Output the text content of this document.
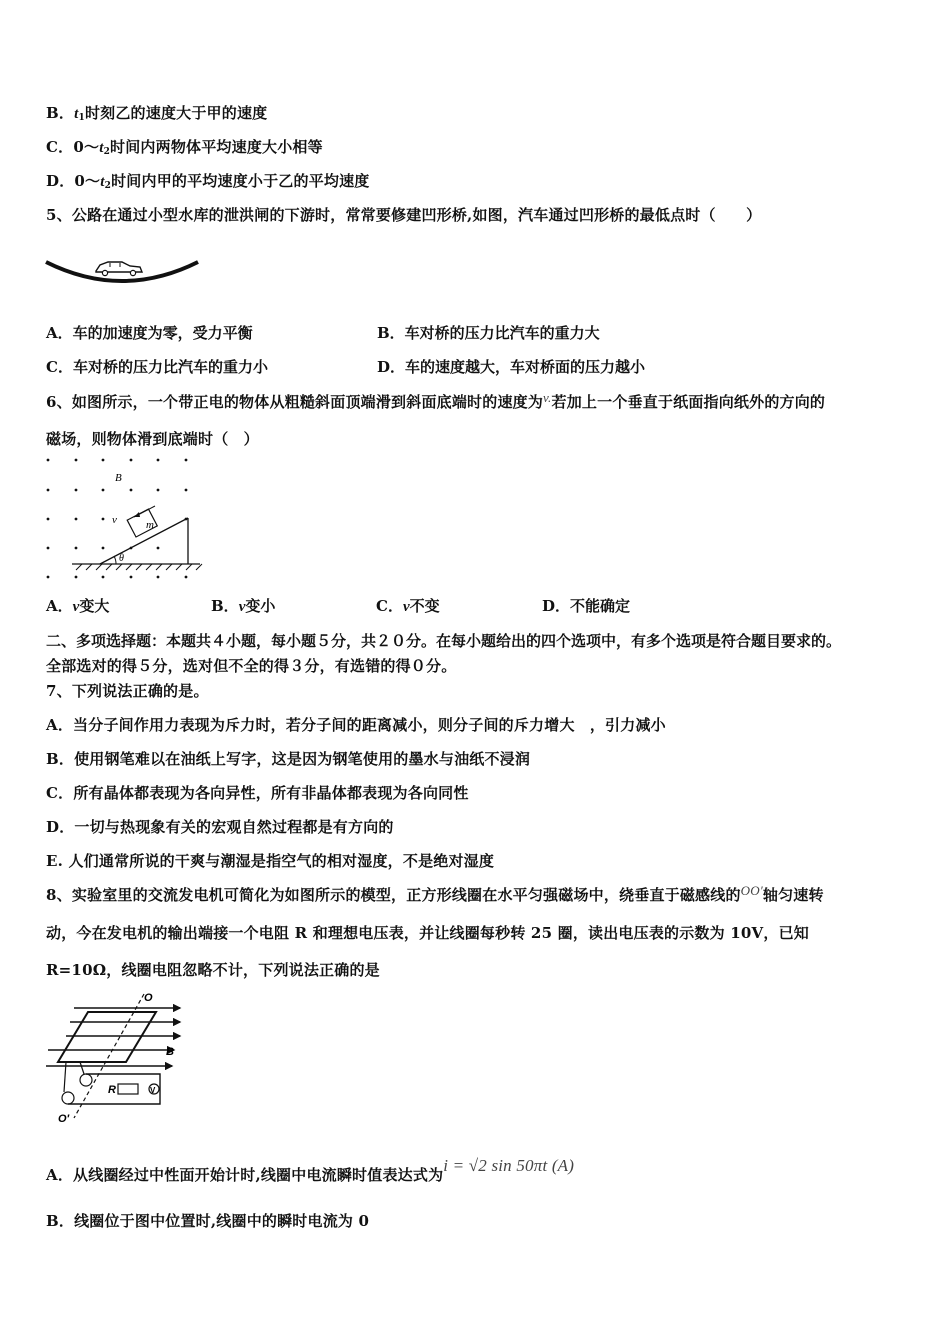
B．$t_1$时刻乙的速度大于甲的速度
C．$0\sim t_2$时间内两物体平均速度大小相等
D．$0\sim t_2$时间内甲的平均速度小于乙的平均速度
5、公路在通过小型水库的泄洪闸的下游时，常常要修建凹形桥,如图，汽车通过凹形桥的最低点时（　　）
A．车的加速度为零，受力平衡	B．车对桥的压力比汽车的重力大
C．车对桥的压力比汽车的重力小	D．车的速度越大，车对桥面的压力越小
6、如图所示，一个带正电的物体从粗糙斜面顶端滑到斜面底端时的速度为v.若加上一个垂直于纸面指向纸外的方向的
磁场，则物体滑到底端时（　）
B
θ
m
v
A．v变大	B．v变小	C．v不变	D．不能确定
二、多项选择题：本题共４小题，每小题５分，共２０分。在每小题给出的四个选项中，有多个选项是符合题目要求的。
全部选对的得５分，选对但不全的得３分，有选错的得０分。
7、下列说法正确的是。
A．当分子间作用力表现为斥力时，若分子间的距离减小，则分子间的斥力增大　，引力减小
B．使用钢笔难以在油纸上写字，这是因为钢笔使用的墨水与油纸不浸润
C．所有晶体都表现为各向异性，所有非晶体都表现为各向同性
D．一切与热现象有关的宏观自然过程都是有方向的
E. 人们通常所说的干爽与潮湿是指空气的相对湿度，不是绝对湿度
8、实验室里的交流发电机可简化为如图所示的模型，正方形线圈在水平匀强磁场中，绕垂直于磁感线的OO′轴匀速转
动，今在发电机的输出端接一个电阻 R 和理想电压表，并让线圈每秒转 25 圈，读出电压表的示数为 10V，已知
R=10Ω，线圈电阻忽略不计，下列说法正确的是
O
B
R	V
O′
A．从线圈经过中性面开始计时,线圈中电流瞬时值表达式为i = √2 sin 50πt (A)
B．线圈位于图中位置时,线圈中的瞬时电流为 0
